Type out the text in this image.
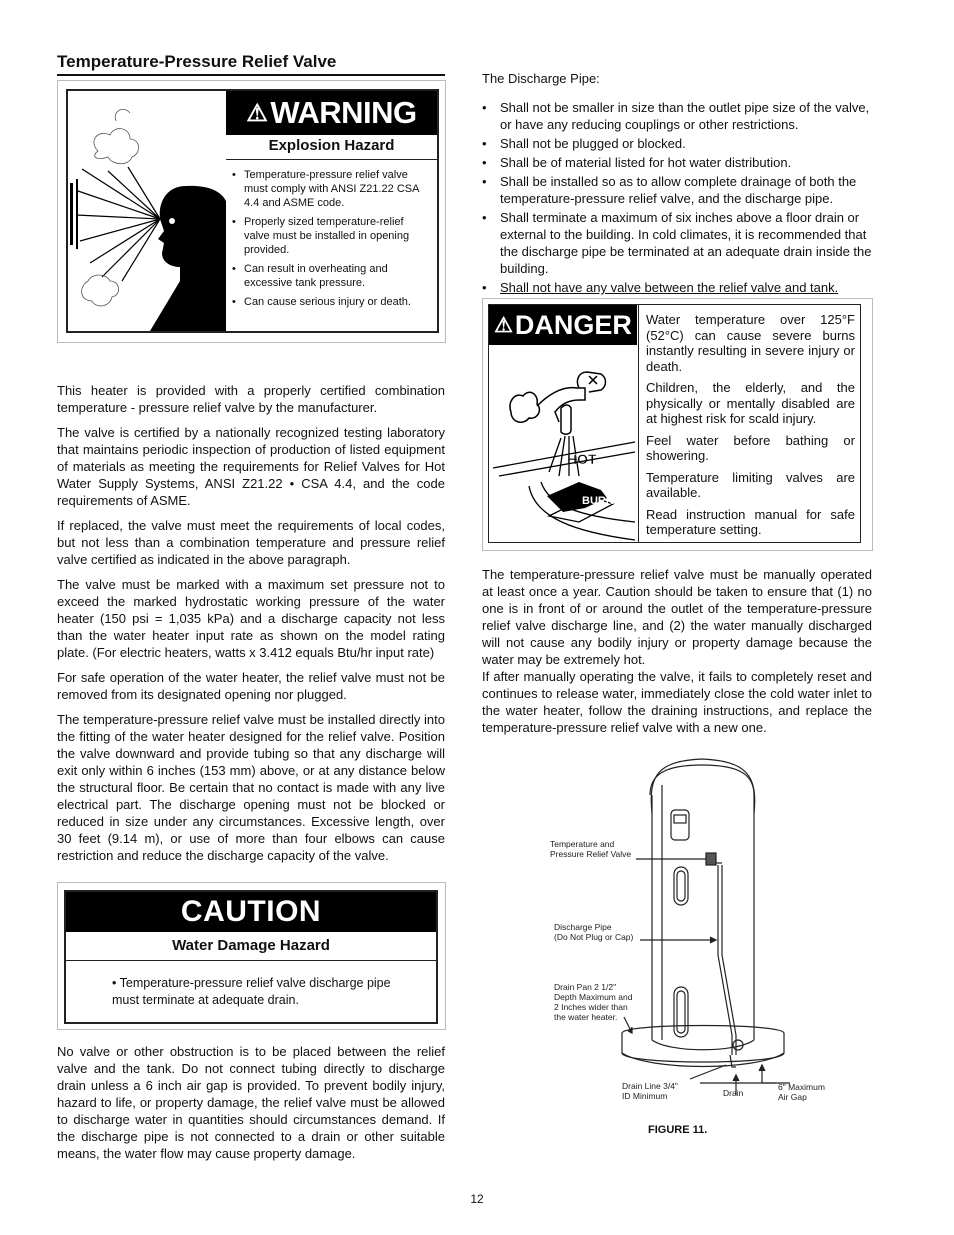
Temperature-Pressure Relief Valve
⚠ WARNING
Explosion Hazard
• Temperature-pressure relief valve must comply with ANSI Z21.22 CSA 4.4 and ASME code.
• Properly sized temperature-relief valve must be installed in opening provided.
• Can result in overheating and excessive tank pressure.
• Can cause serious injury or death.

This heater is provided with a properly certified combination temperature - pressure relief valve by the manufacturer.

The valve is certified by a nationally recognized testing laboratory that maintains periodic inspection of production of listed equipment of materials as meeting the requirements for Relief Valves for Hot Water Supply Systems, ANSI Z21.22 • CSA 4.4, and the code requirements of ASME.

If replaced, the valve must meet the requirements of local codes, but not less than a combination temperature and pressure relief valve certified as indicated in the above paragraph.

The valve must be marked with a maximum set pressure not to exceed the marked hydrostatic working pressure of the water heater (150 psi = 1,035 kPa) and a discharge capacity not less than the water heater input rate as shown on the model rating plate. (For electric heaters, watts x 3.412 equals Btu/hr input rate)

For safe operation of the water heater, the relief valve must not be removed from its designated opening nor plugged.

The temperature-pressure relief valve must be installed directly into the fitting of the water heater designed for the relief valve. Position the valve downward and provide tubing so that any discharge will exit only within 6 inches (153 mm) above, or at any distance below the structural floor. Be certain that no contact is made with any live electrical part. The discharge opening must not be blocked or reduced in size under any circumstances. Excessive length, over 30 feet (9.14 m), or use of more than four elbows can cause restriction and reduce the discharge capacity of the valve.

CAUTION
Water Damage Hazard
• Temperature-pressure relief valve discharge pipe must terminate at adequate drain.

No valve or other obstruction is to be placed between the relief valve and the tank. Do not connect tubing directly to discharge drain unless a 6 inch air gap is provided. To prevent bodily injury, hazard to life, or property damage, the relief valve must be allowed to discharge water in quantities should circumstances demand. If the discharge pipe is not connected to a drain or other suitable means, the water flow may cause property damage.

The Discharge Pipe:
• Shall not be smaller in size than the outlet pipe size of the valve, or have any reducing couplings or other restrictions.
• Shall not be plugged or blocked.
• Shall be of material listed for hot water distribution.
• Shall be installed so as to allow complete drainage of both the temperature-pressure relief valve, and the discharge pipe.
• Shall terminate a maximum of six inches above a floor drain or external to the building. In cold climates, it is recommended that the discharge pipe be terminated at an adequate drain inside the building.
• Shall not have any valve between the relief valve and tank.
⚠ DANGER
HOT
BURN

Water temperature over 125°F (52°C) can cause severe burns instantly resulting in severe injury or death.

Children, the elderly, and the physically or mentally disabled are at highest risk for scald injury.

Feel water before bathing or showering.

Temperature limiting valves are available.

Read instruction manual for safe temperature setting.

The temperature-pressure relief valve must be manually operated at least once a year. Caution should be taken to ensure that (1) no one is in front of or around the outlet of the temperature-pressure relief valve discharge line, and (2) the water manually discharged will not cause any bodily injury or property damage because the water may be extremely hot.

If after manually operating the valve, it fails to completely reset and continues to release water, immediately close the cold water inlet to the water heater, follow the draining instructions, and replace the temperature-pressure relief valve with a new one.

Temperature and
Pressure Relief Valve
Discharge Pipe
(Do Not Plug or Cap)
Drain Pan 2 1/2"
Depth Maximum and
2 Inches wider than
the water heater.
Drain Line 3/4"
ID Minimum	Drain
6" Maximum
Air Gap
FIGURE 11.
12
